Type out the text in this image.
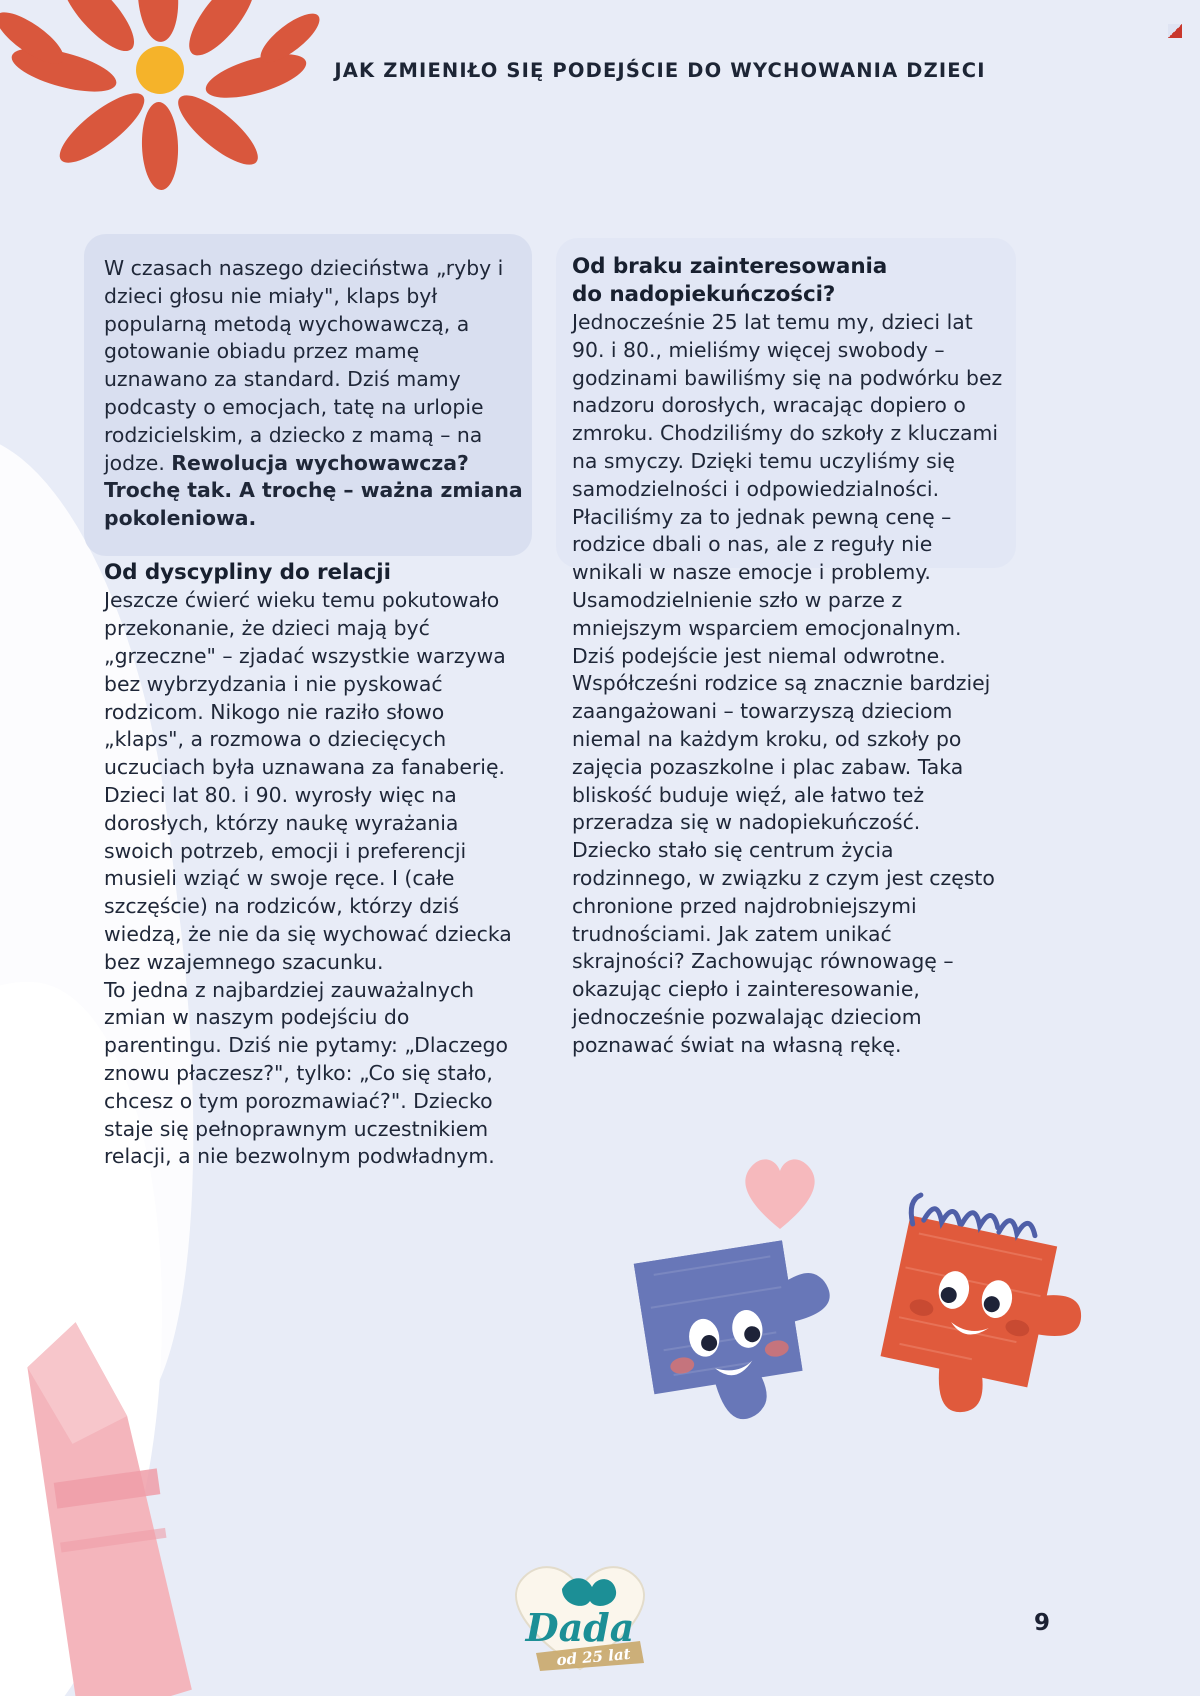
JAK ZMIENIŁO SIĘ PODEJŚCIE DO WYCHOWANIA DZIECI

W czasach naszego dzieciństwa „ryby i dzieci głosu nie miały", klaps był popularną metodą wychowawczą, a gotowanie obiadu przez mamę uznawano za standard. Dziś mamy podcasty o emocjach, tatę na urlopie rodzicielskim, a dziecko z mamą – na jodze. Rewolucja wychowawcza? Trochę tak. A trochę – ważna zmiana pokoleniowa.

Od dyscypliny do relacji

Jeszcze ćwierć wieku temu pokutowało przekonanie, że dzieci mają być „grzeczne" – zjadać wszystkie warzywa bez wybrzydzania i nie pyskować rodzicom. Nikogo nie raziło słowo „klaps", a rozmowa o dziecięcych uczuciach była uznawana za fanaberię. Dzieci lat 80. i 90. wyrosły więc na dorosłych, którzy naukę wyrażania swoich potrzeb, emocji i preferencji musieli wziąć w swoje ręce. I (całe szczęście) na rodziców, którzy dziś wiedzą, że nie da się wychować dziecka bez wzajemnego szacunku.

To jedna z najbardziej zauważalnych zmian w naszym podejściu do parentingu. Dziś nie pytamy: „Dlaczego znowu płaczesz?", tylko: „Co się stało, chcesz o tym porozmawiać?". Dziecko staje się pełnoprawnym uczestnikiem relacji, a nie bezwolnym podwładnym.

Od braku zainteresowania
do nadopiekuńczości?

Jednocześnie 25 lat temu my, dzieci lat 90. i 80., mieliśmy więcej swobody – godzinami bawiliśmy się na podwórku bez nadzoru dorosłych, wracając dopiero o zmroku. Chodziliśmy do szkoły z kluczami na smyczy. Dzięki temu uczyliśmy się samodzielności i odpowiedzialności. Płaciliśmy za to jednak pewną cenę – rodzice dbali o nas, ale z reguły nie wnikali w nasze emocje i problemy. Usamodzielnienie szło w parze z mniejszym wsparciem emocjonalnym.

Dziś podejście jest niemal odwrotne. Współcześni rodzice są znacznie bardziej zaangażowani – towarzyszą dzieciom niemal na każdym kroku, od szkoły po zajęcia pozaszkolne i plac zabaw. Taka bliskość buduje więź, ale łatwo też przeradza się w nadopiekuńczość. Dziecko stało się centrum życia rodzinnego, w związku z czym jest często chronione przed najdrobniejszymi trudnościami. Jak zatem unikać skrajności? Zachowując równowagę – okazując ciepło i zainteresowanie, jednocześnie pozwalając dzieciom poznawać świat na własną rękę.

Dada
od 25 lat
9
